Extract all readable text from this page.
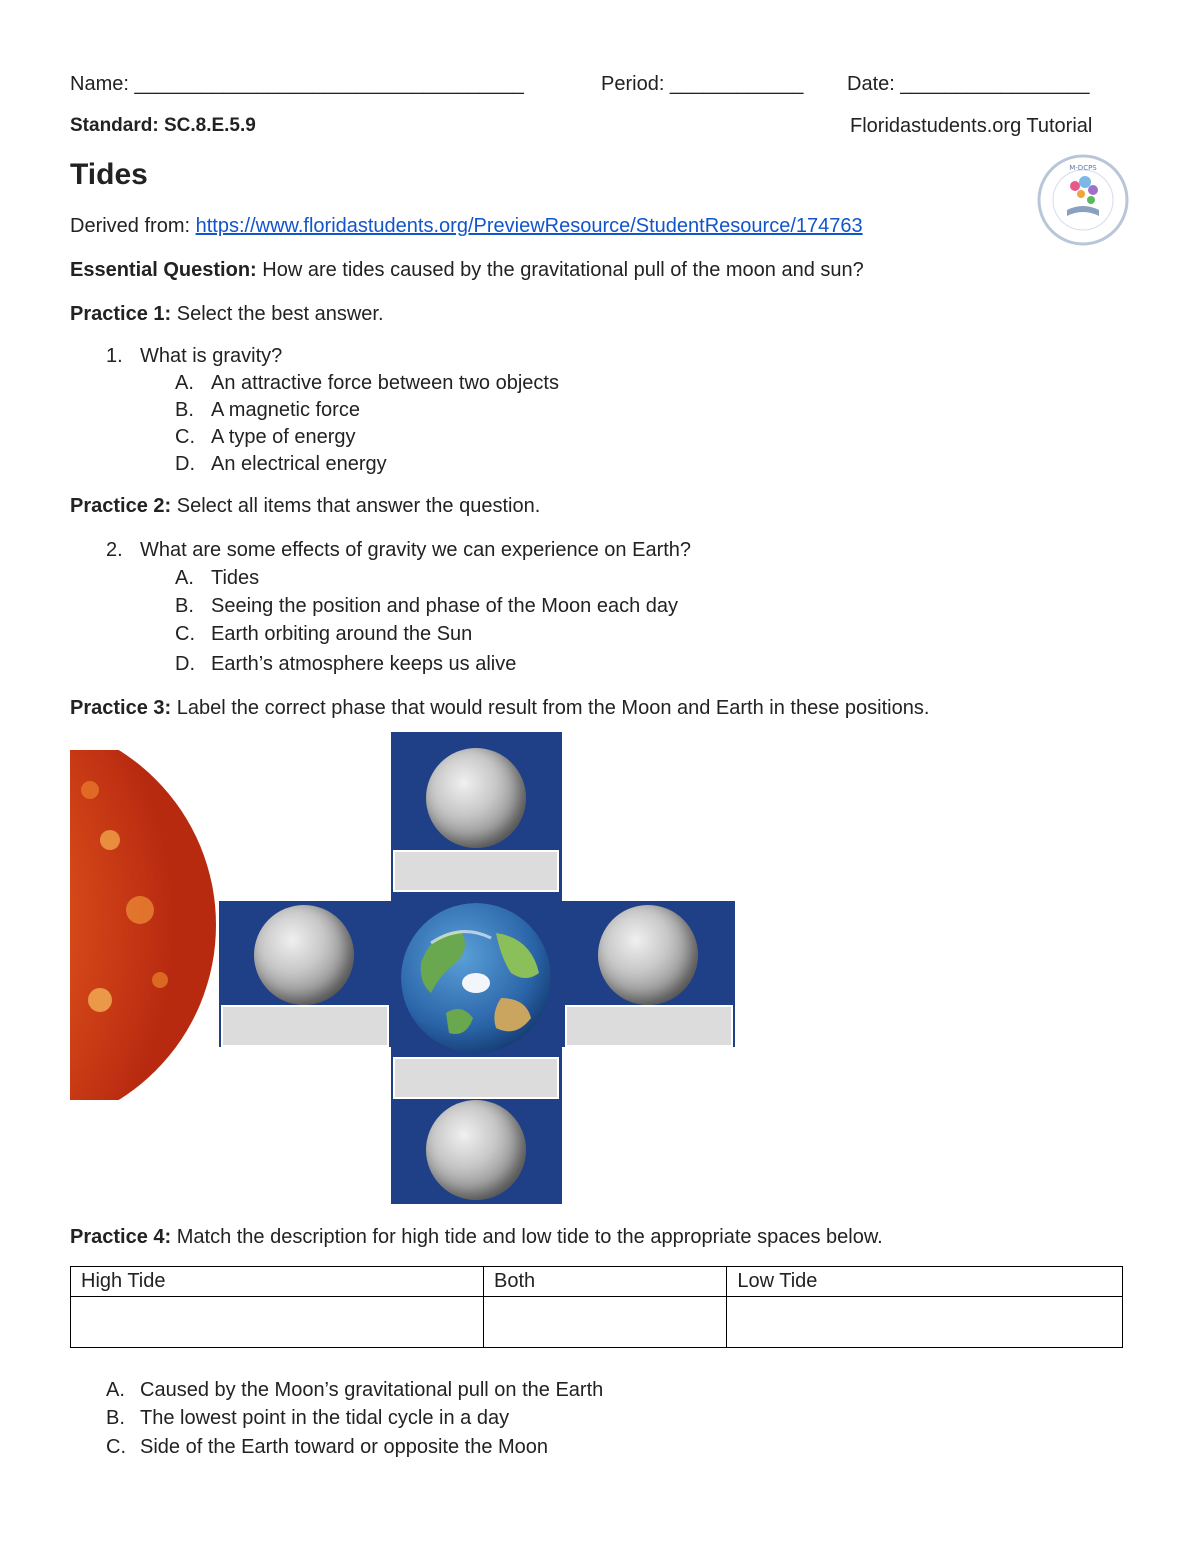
Name: ___________________________________	Period: ____________ Date: _________________
Standard: SC.8.E.5.9	Floridastudents.org Tutorial
Tides	M-DCPS
Derived from: https://www.floridastudents.org/PreviewResource/StudentResource/174763
Essential Question: How are tides caused by the gravitational pull of the moon and sun?
Practice 1: Select the best answer.
1. What is gravity?
A. An attractive force between two objects
B. A magnetic force
C. A type of energy
D. An electrical energy
Practice 2: Select all items that answer the question.
2. What are some effects of gravity we can experience on Earth?
A. Tides
B. Seeing the position and phase of the Moon each day
C. Earth orbiting around the Sun
D. Earth’s atmosphere keeps us alive
Practice 3: Label the correct phase that would result from the Moon and Earth in these positions.
Practice 4: Match the description for high tide and low tide to the appropriate spaces below.
High Tide	Both	Low Tide

A. Caused by the Moon’s gravitational pull on the Earth
B. The lowest point in the tidal cycle in a day
C. Side of the Earth toward or opposite the Moon
